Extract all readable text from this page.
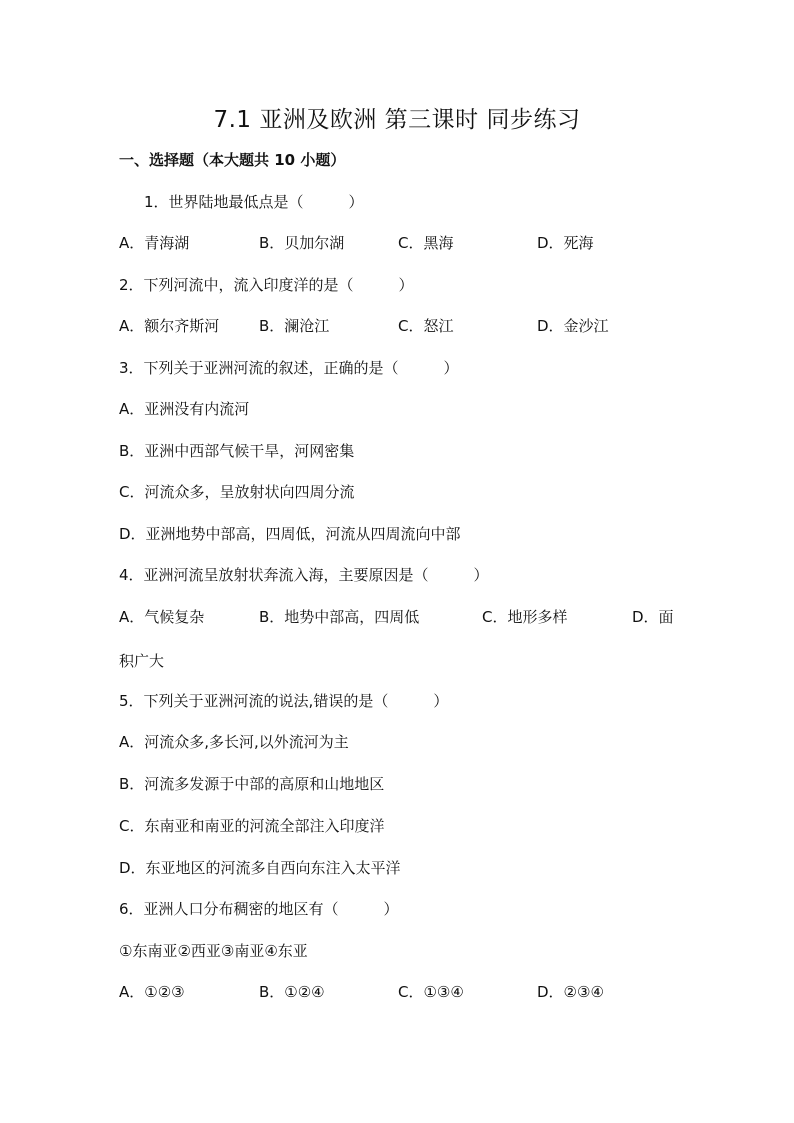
7.1 亚洲及欧洲 第三课时 同步练习
一、选择题（本大题共 10 小题）
1．世界陆地最低点是（　　　）
A．青海湖	B．贝加尔湖	C．黑海	D．死海
2．下列河流中，流入印度洋的是（　　　）
A．额尔齐斯河	B．澜沧江	C．怒江	D．金沙江
3．下列关于亚洲河流的叙述，正确的是（　　　）
A．亚洲没有内流河
B．亚洲中西部气候干旱，河网密集
C．河流众多，呈放射状向四周分流
D．亚洲地势中部高，四周低，河流从四周流向中部
4．亚洲河流呈放射状奔流入海，主要原因是（　　　）
A．气候复杂	B．地势中部高，四周低	C．地形多样	D．面
积广大
5．下列关于亚洲河流的说法,错误的是（　　　）
A．河流众多,多长河,以外流河为主
B．河流多发源于中部的高原和山地地区
C．东南亚和南亚的河流全部注入印度洋
D．东亚地区的河流多自西向东注入太平洋
6．亚洲人口分布稠密的地区有（　　　）
①东南亚②西亚③南亚④东亚
A．①②③	B．①②④	C．①③④	D．②③④
